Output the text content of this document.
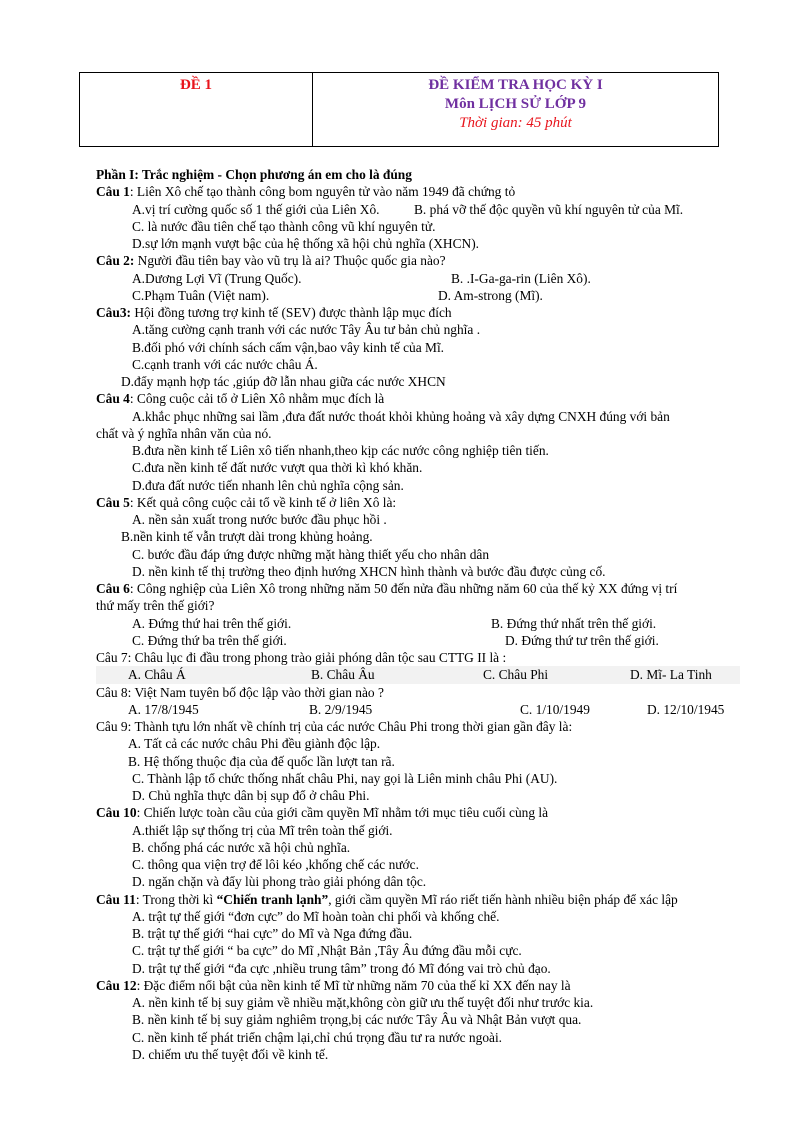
ĐỀ 1	ĐỀ KIỂM TRA HỌC KỲ I
Môn LỊCH SỬ LỚP 9
Thời gian: 45 phút
Phần I: Trắc nghiệm - Chọn phương án em cho là đúng
Câu 1: Liên Xô chế tạo thành công bom nguyên tử vào năm 1949 đã chứng tỏ
A.vị trí cường quốc số 1 thế giới của Liên Xô.	B. phá vỡ thế độc quyền vũ khí nguyên tử của Mĩ.
C. là nước đầu tiên chế tạo thành công vũ khí nguyên tử.
D.sự lớn mạnh vượt bậc của hệ thống xã hội chủ nghĩa (XHCN).
Câu 2: Người đầu tiên bay vào vũ trụ là ai? Thuộc quốc gia nào?
A.Dương Lợi Vĩ (Trung Quốc).	B. .I-Ga-ga-rin (Liên Xô).
C.Phạm Tuân (Việt nam).	D. Am-strong (Mĩ).
Câu3: Hội đồng tương trợ kinh tế (SEV) được thành lập mục đích
A.tăng cường cạnh tranh với các nước Tây Âu tư bản chủ nghĩa .
B.đối phó với chính sách cấm vận,bao vây kinh tế của Mĩ.
C.cạnh tranh với các nước châu Á.
D.đẩy mạnh hợp tác ,giúp đỡ lẫn nhau giữa các nước XHCN
Câu 4: Công cuộc cải tổ ở Liên Xô nhằm mục đích là
A.khắc phục những sai lầm ,đưa đất nước thoát khỏi khủng hoảng và xây dựng CNXH đúng với bản
chất và ý nghĩa nhân văn của nó.
B.đưa nền kinh tế Liên xô tiến nhanh,theo kịp các nước công nghiệp tiên tiến.
C.đưa nền kinh tế đất nước vượt qua thời kì khó khăn.
D.đưa đất nước tiến nhanh lên chủ nghĩa cộng sản.
Câu 5: Kết quả công cuộc cải tổ về kinh tế ở liên Xô là:
A. nền sản xuất trong nước bước đầu phục hồi .
B.nền kinh tế vẫn trượt dài trong khủng hoảng.
C. bước đầu đáp ứng được những mặt hàng thiết yếu cho nhân dân
D. nền kinh tế thị trường theo định hướng XHCN hình thành và bước đầu được củng cố.
Câu 6: Công nghiệp của Liên Xô trong những năm 50 đến nửa đầu những năm 60 của thế kỷ XX đứng vị trí
thứ mấy trên thế giới?
A. Đứng thứ hai trên thế giới.	B. Đứng thứ nhất trên thế giới.
C. Đứng thứ ba trên thế giới.	D. Đứng thứ tư trên thế giới.
Câu 7: Châu lục đi đầu trong phong trào giải phóng dân tộc sau CTTG II là :
A. Châu Á	B. Châu Âu	C. Châu Phi	D. Mĩ- La Tinh
Câu 8: Việt Nam tuyên bố độc lập vào thời gian nào ?
A. 17/8/1945	B. 2/9/1945	C. 1/10/1949	D. 12/10/1945
Câu 9: Thành tựu lớn nhất về chính trị của các nước Châu Phi trong thời gian gần đây là:
A. Tất cả các nước châu Phi đều giành độc lập.
B. Hệ thống thuộc địa của đế quốc lần lượt tan rã.
C. Thành lập tổ chức thống nhất châu Phi, nay gọi là Liên minh châu Phi (AU).
D. Chủ nghĩa thực dân bị sụp đổ ở châu Phi.
Câu 10: Chiến lược toàn cầu của giới cầm quyền Mĩ nhằm tới mục tiêu cuối cùng là
A.thiết lập sự thống trị của Mĩ trên toàn thế giới.
B. chống phá các nước xã hội chủ nghĩa.
C. thông qua viện trợ để lôi kéo ,khống chế các nước.
D. ngăn chặn và đẩy lùi phong trào giải phóng dân tộc.
Câu 11: Trong thời kì “Chiến tranh lạnh”, giới cầm quyền Mĩ ráo riết tiến hành nhiều biện pháp để xác lập
A. trật tự thế giới “đơn cực” do Mĩ hoàn toàn chi phối và khống chế.
B. trật tự thế giới “hai cực” do Mĩ và Nga đứng đầu.
C. trật tự thế giới “ ba cực” do Mĩ ,Nhật Bản ,Tây Âu đứng đầu mỗi cực.
D. trật tự thế giới “đa cực ,nhiều trung tâm” trong đó Mĩ đóng vai trò chủ đạo.
Câu 12: Đặc điểm nổi bật của nền kinh tế Mĩ từ những năm 70 của thế kỉ XX đến nay là
A. nền kinh tế bị suy giảm về nhiều mặt,không còn giữ ưu thế tuyệt đối như trước kia.
B. nền kinh tế bị suy giảm nghiêm trọng,bị các nước Tây Âu và Nhật Bản vượt qua.
C. nền kinh tế phát triển chậm lại,chỉ chú trọng đầu tư ra nước ngoài.
D. chiếm ưu thế tuyệt đối về kinh tế.
